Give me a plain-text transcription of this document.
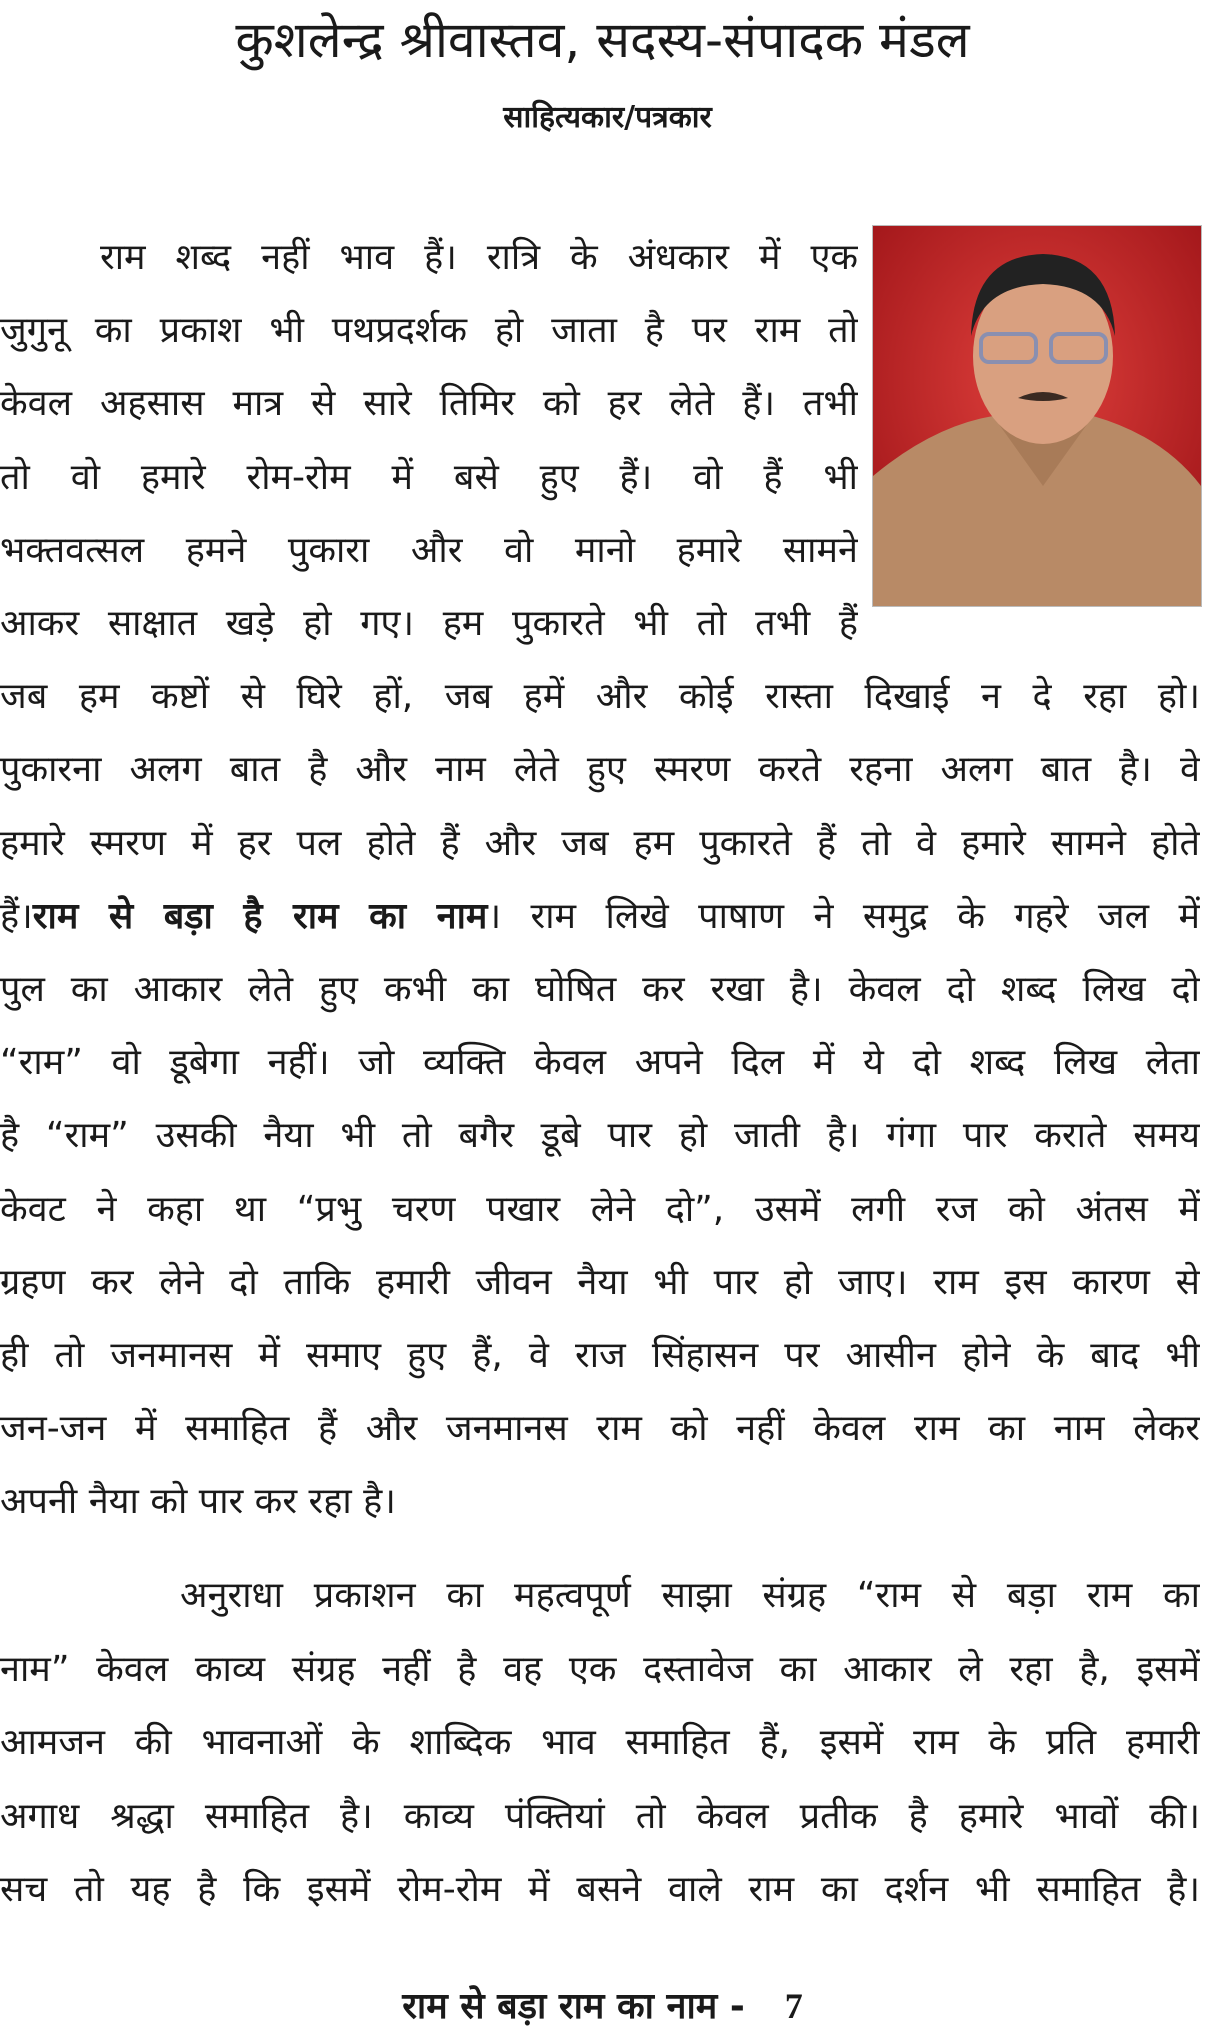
कुशलेन्द्र श्रीवास्तव, सदस्य-संपादक मंडल
साहित्यकार/पत्रकार
राम शब्द नहीं भाव हैं। रात्रि के अंधकार में एक
जुगुनू का प्रकाश भी पथप्रदर्शक हो जाता है पर राम तो
केवल अहसास मात्र से सारे तिमिर को हर लेते हैं। तभी
तो वो हमारे रोम-रोम में बसे हुए हैं। वो हैं भी
भक्तवत्सल हमने पुकारा और वो मानो हमारे सामने
आकर साक्षात खड़े हो गए। हम पुकारते भी तो तभी हैं
जब हम कष्टों से घिरे हों, जब हमें और कोई रास्ता दिखाई न दे रहा हो।
पुकारना अलग बात है और नाम लेते हुए स्मरण करते रहना अलग बात है। वे
हमारे स्मरण में हर पल होते हैं और जब हम पुकारते हैं तो वे हमारे सामने होते
हैं।राम से बड़ा है राम का नाम। राम लिखे पाषाण ने समुद्र के गहरे जल में
पुल का आकार लेते हुए कभी का घोषित कर रखा है। केवल दो शब्द लिख दो
“राम” वो डूबेगा नहीं। जो व्यक्ति केवल अपने दिल में ये दो शब्द लिख लेता
है “राम” उसकी नैया भी तो बगैर डूबे पार हो जाती है। गंगा पार कराते समय
केवट ने कहा था “प्रभु चरण पखार लेने दो”, उसमें लगी रज को अंतस में
ग्रहण कर लेने दो ताकि हमारी जीवन नैया भी पार हो जाए। राम इस कारण से
ही तो जनमानस में समाए हुए हैं, वे राज सिंहासन पर आसीन होने के बाद भी
जन-जन में समाहित हैं और जनमानस राम को नहीं केवल राम का नाम लेकर
अपनी नैया को पार कर रहा है।
अनुराधा प्रकाशन का महत्वपूर्ण साझा संग्रह “राम से बड़ा राम का
नाम” केवल काव्य संग्रह नहीं है वह एक दस्तावेज का आकार ले रहा है, इसमें
आमजन की भावनाओं के शाब्दिक भाव समाहित हैं, इसमें राम के प्रति हमारी
अगाध श्रद्धा समाहित है। काव्य पंक्तियां तो केवल प्रतीक है हमारे भावों की।
सच तो यह है कि इसमें रोम-रोम में बसने वाले राम का दर्शन भी समाहित है।
राम से बड़ा राम का नाम - 7
